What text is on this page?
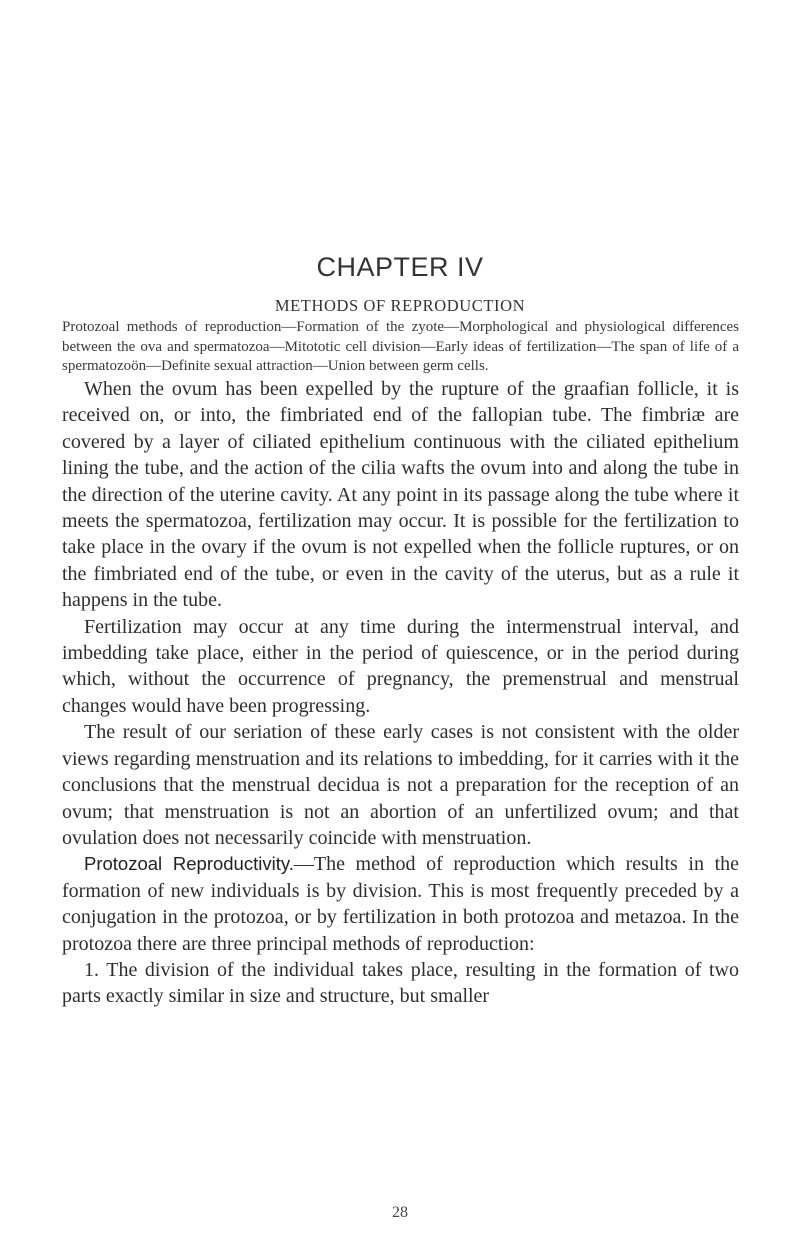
CHAPTER IV
METHODS OF REPRODUCTION

Protozoal methods of reproduction—Formation of the zyote—Morphological and physiological differences between the ova and spermatozoa—Mitototic cell division—Early ideas of fertilization—The span of life of a spermatozoön—Definite sexual attraction—Union between germ cells.

When the ovum has been expelled by the rupture of the graafian follicle, it is received on, or into, the fimbriated end of the fallopian tube. The fimbriæ are covered by a layer of ciliated epithelium continuous with the ciliated epithelium lining the tube, and the action of the cilia wafts the ovum into and along the tube in the direction of the uterine cavity. At any point in its passage along the tube where it meets the spermatozoa, fertilization may occur. It is possible for the fertilization to take place in the ovary if the ovum is not expelled when the follicle ruptures, or on the fimbriated end of the tube, or even in the cavity of the uterus, but as a rule it happens in the tube.

Fertilization may occur at any time during the intermenstrual interval, and imbedding take place, either in the period of quiescence, or in the period during which, without the occurrence of pregnancy, the premenstrual and menstrual changes would have been progressing.

The result of our seriation of these early cases is not consistent with the older views regarding menstruation and its relations to imbedding, for it carries with it the conclusions that the menstrual decidua is not a preparation for the reception of an ovum; that menstruation is not an abortion of an unfertilized ovum; and that ovulation does not necessarily coincide with menstruation.

Protozoal Reproductivity.—The method of reproduction which results in the formation of new individuals is by division. This is most frequently preceded by a conjugation in the protozoa, or by fertilization in both protozoa and metazoa. In the protozoa there are three principal methods of reproduction:

1. The division of the individual takes place, resulting in the formation of two parts exactly similar in size and structure, but smaller

28
